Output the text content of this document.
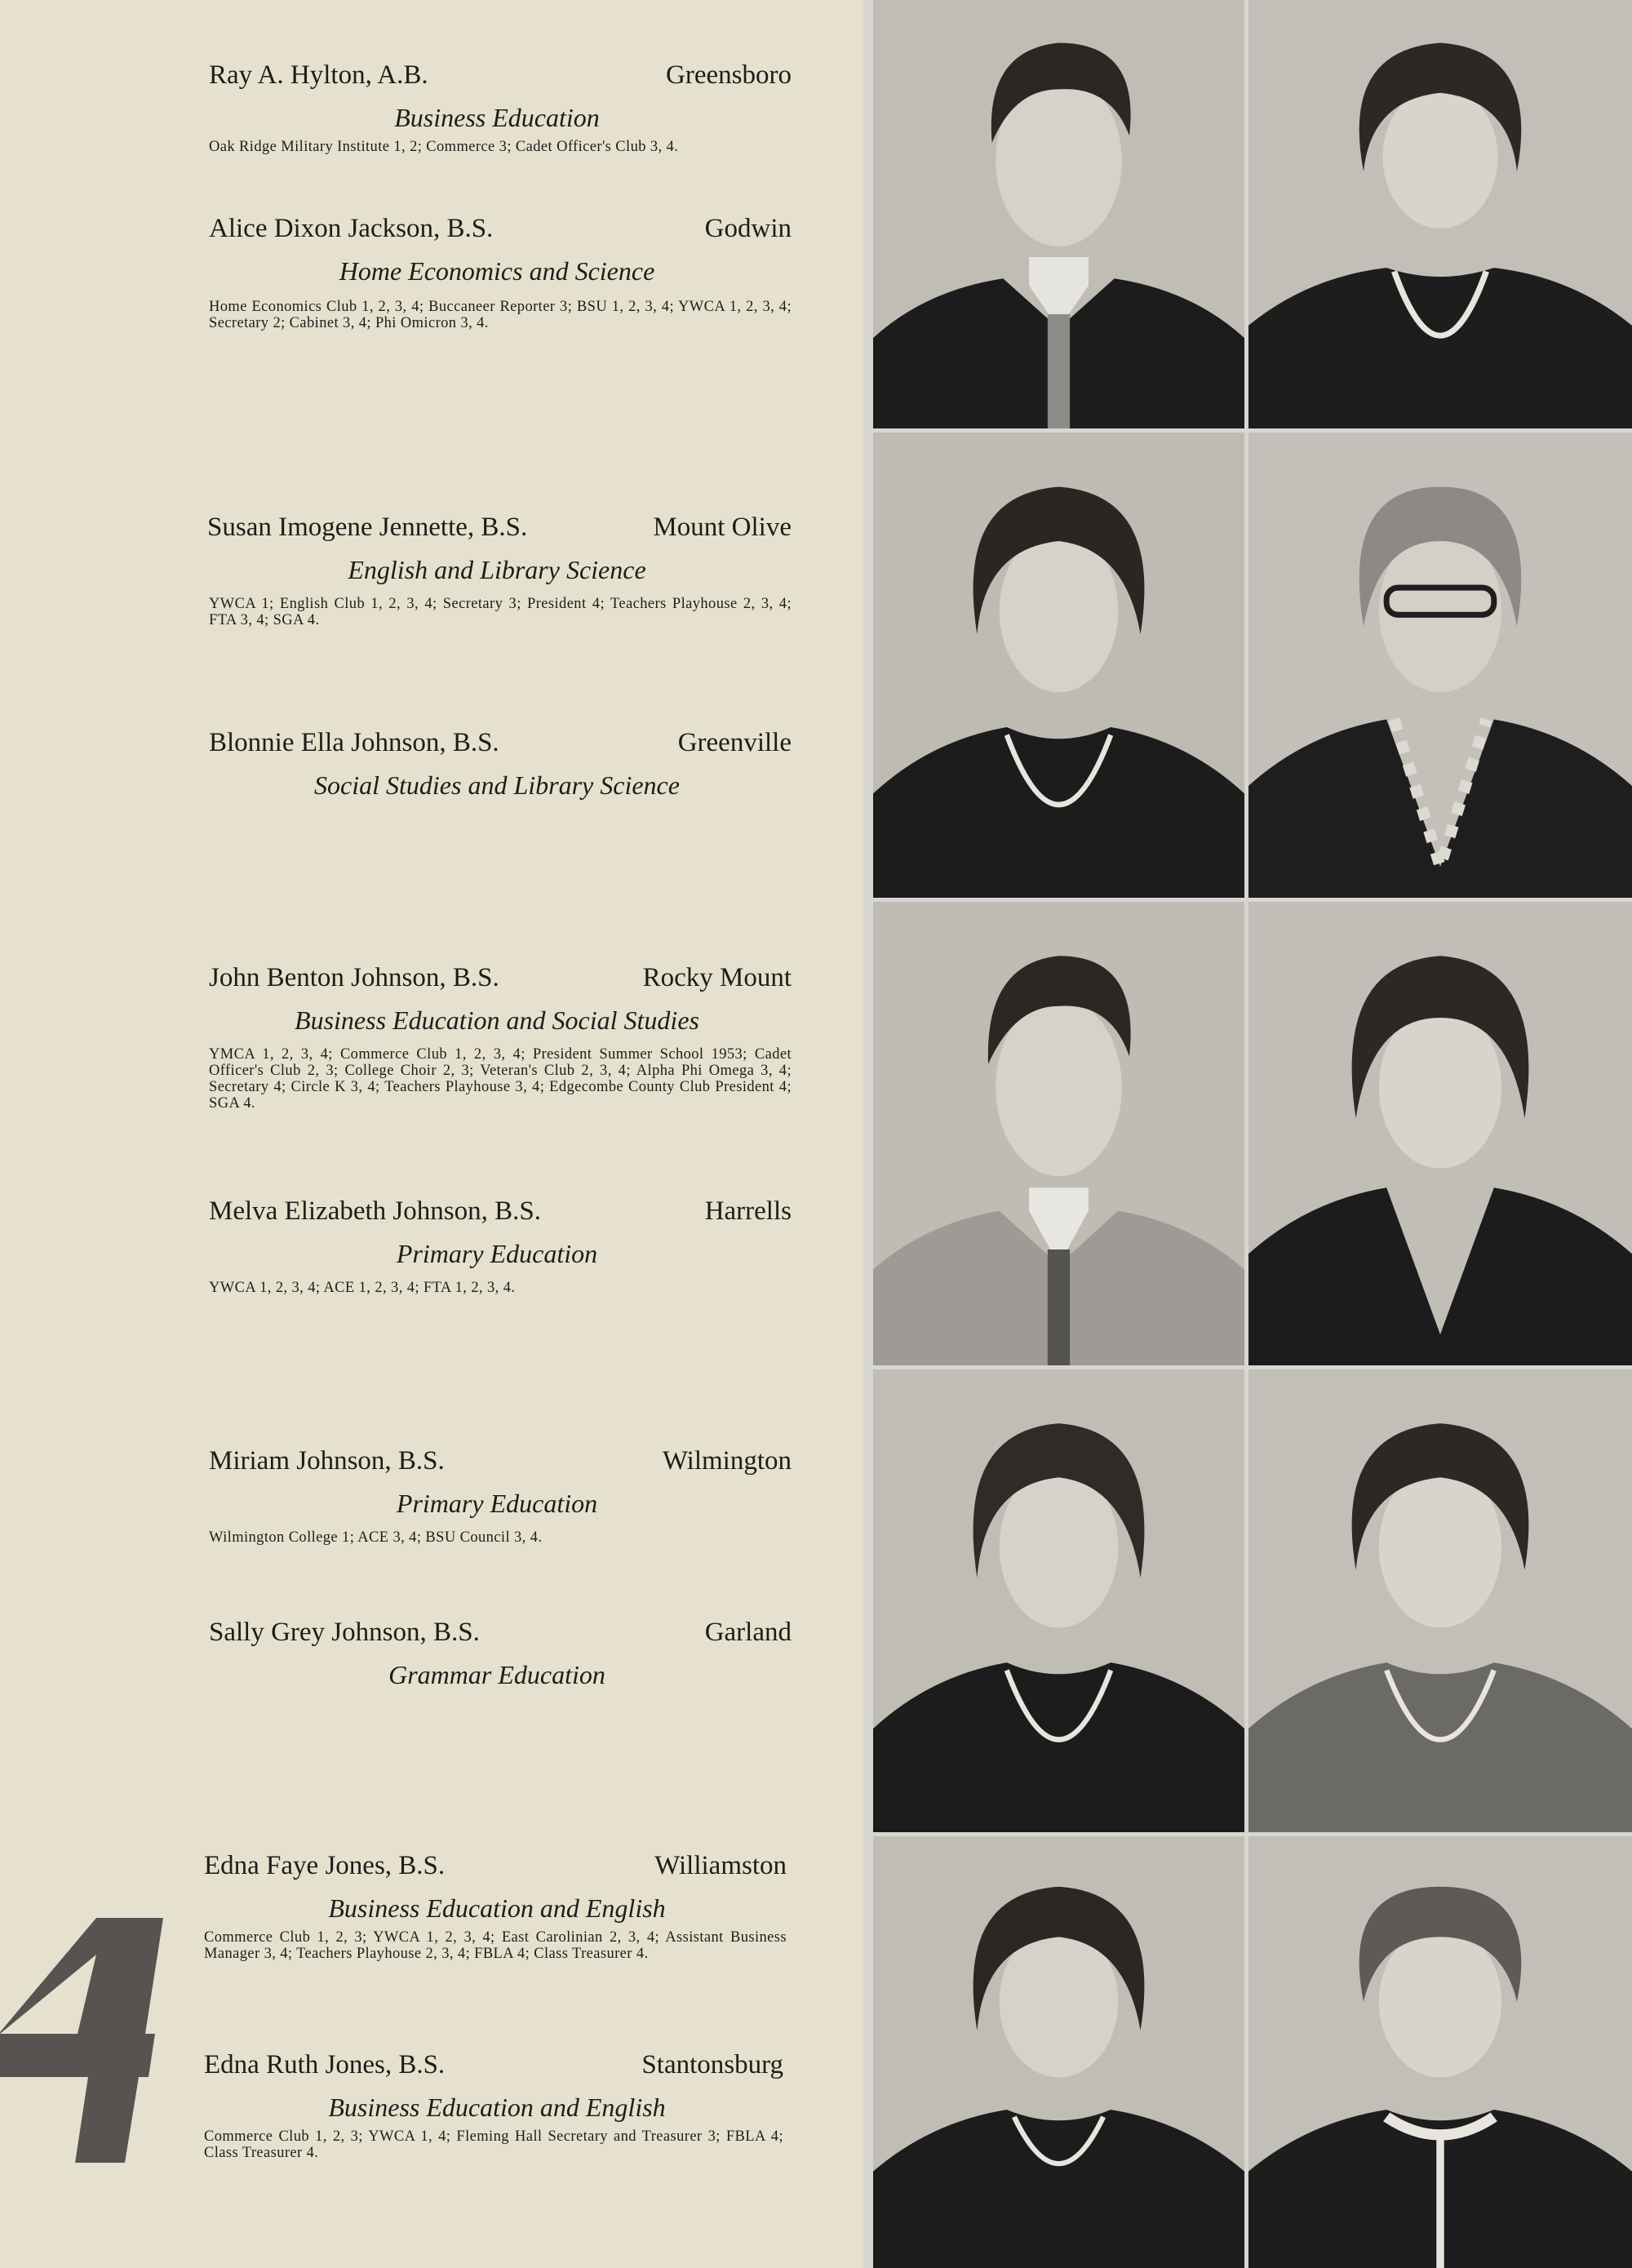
Ray A. Hylton, A.B.	Greensboro
Business Education
Oak Ridge Military Institute 1, 2; Commerce 3; Cadet Officer's Club 3, 4.
Alice Dixon Jackson, B.S.	Godwin
Home Economics and Science
Home Economics Club 1, 2, 3, 4; Buccaneer Reporter 3; BSU 1, 2, 3, 4; YWCA 1, 2, 3, 4; Secretary 2; Cabinet 3, 4; Phi Omicron 3, 4.
Susan Imogene Jennette, B.S.	Mount Olive
English and Library Science
YWCA 1; English Club 1, 2, 3, 4; Secretary 3; President 4; Teachers Playhouse 2, 3, 4; FTA 3, 4; SGA 4.
Blonnie Ella Johnson, B.S.	Greenville
Social Studies and Library Science
John Benton Johnson, B.S.	Rocky Mount
Business Education and Social Studies
YMCA 1, 2, 3, 4; Commerce Club 1, 2, 3, 4; President Summer School 1953; Cadet Officer's Club 2, 3; College Choir 2, 3; Veteran's Club 2, 3, 4; Alpha Phi Omega 3, 4; Secretary 4; Circle K 3, 4; Teachers Playhouse 3, 4; Edgecombe County Club President 4; SGA 4.
Melva Elizabeth Johnson, B.S.	Harrells
Primary Education
YWCA 1, 2, 3, 4; ACE 1, 2, 3, 4; FTA 1, 2, 3, 4.
Miriam Johnson, B.S.	Wilmington
Primary Education
Wilmington College 1; ACE 3, 4; BSU Council 3, 4.
Sally Grey Johnson, B.S.	Garland
Grammar Education
Edna Faye Jones, B.S.	Williamston
Business Education and English
Commerce Club 1, 2, 3; YWCA 1, 2, 3, 4; East Carolinian 2, 3, 4; Assistant Business Manager 3, 4; Teachers Playhouse 2, 3, 4; FBLA 4; Class Treasurer 4.
Edna Ruth Jones, B.S.	Stantonsburg
Business Education and English
Commerce Club 1, 2, 3; YWCA 1, 4; Fleming Hall Secretary and Treasurer 3; FBLA 4; Class Treasurer 4.
